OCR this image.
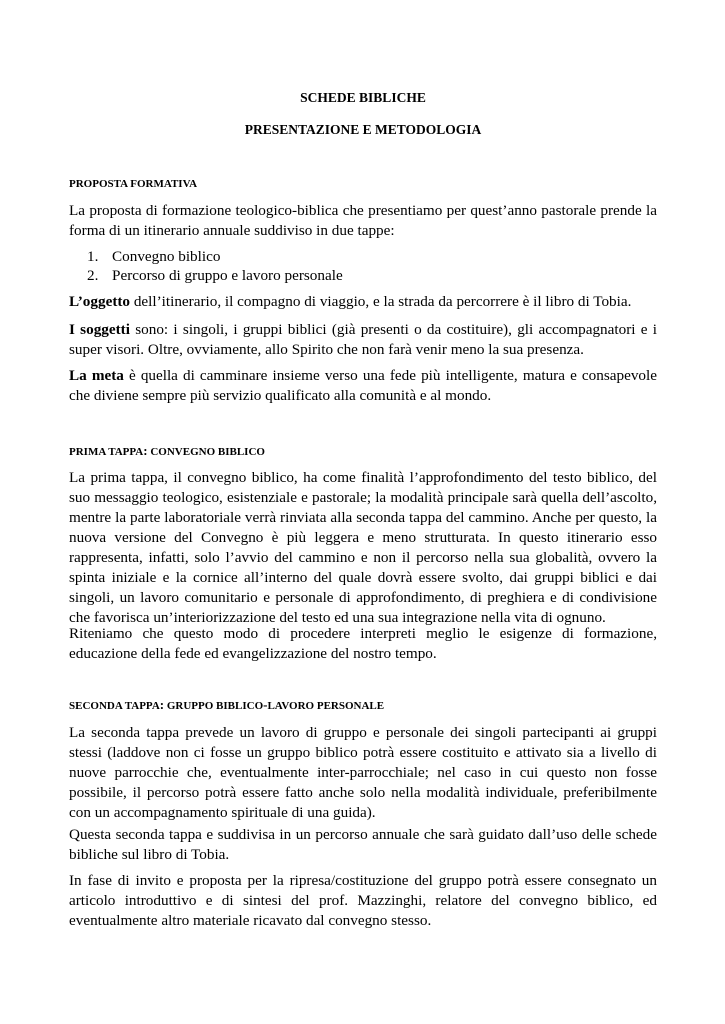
SCHEDE BIBLICHE
PRESENTAZIONE E METODOLOGIA
PROPOSTA FORMATIVA

La proposta di formazione teologico-biblica che presentiamo per quest’anno pastorale prende la forma di un itinerario annuale suddiviso in due tappe:

1. Convegno biblico
2. Percorso di gruppo e lavoro personale

L’oggetto dell’itinerario, il compagno di viaggio, e la strada da percorrere è il libro di Tobia.

I soggetti sono: i singoli, i gruppi biblici (già presenti o da costituire), gli accompagnatori e i super visori. Oltre, ovviamente, allo Spirito che non farà venir meno la sua presenza.

La meta è quella di camminare insieme verso una fede più intelligente, matura e consapevole che diviene sempre più servizio qualificato alla comunità e al mondo.

PRIMA TAPPA: CONVEGNO BIBLICO

La prima tappa, il convegno biblico, ha come finalità l’approfondimento del testo biblico, del suo messaggio teologico, esistenziale e pastorale; la modalità principale sarà quella dell’ascolto, mentre la parte laboratoriale verrà rinviata alla seconda tappa del cammino. Anche per questo, la nuova versione del Convegno è più leggera e meno strutturata. In questo itinerario esso rappresenta, infatti, solo l’avvio del cammino e non il percorso nella sua globalità, ovvero la spinta iniziale e la cornice all’interno del quale dovrà essere svolto, dai gruppi biblici e dai singoli, un lavoro comunitario e personale di approfondimento, di preghiera e di condivisione che favorisca un’interiorizzazione del testo ed una sua integrazione nella vita di ognuno.

Riteniamo che questo modo di procedere interpreti meglio le esigenze di formazione, educazione della fede ed evangelizzazione del nostro tempo.

SECONDA TAPPA: GRUPPO BIBLICO-LAVORO PERSONALE

La seconda tappa prevede un lavoro di gruppo e personale dei singoli partecipanti ai gruppi stessi (laddove non ci fosse un gruppo biblico potrà essere costituito e attivato sia a livello di nuove parrocchie che, eventualmente inter-parrocchiale; nel caso in cui questo non fosse possibile, il percorso potrà essere fatto anche solo nella modalità individuale, preferibilmente con un accompagnamento spirituale di una guida).

Questa seconda tappa e suddivisa in un percorso annuale che sarà guidato dall’uso delle schede bibliche sul libro di Tobia.

In fase di invito e proposta per la ripresa/costituzione del gruppo potrà essere consegnato un articolo introduttivo e di sintesi del prof. Mazzinghi, relatore del convegno biblico, ed eventualmente altro materiale ricavato dal convegno stesso.
